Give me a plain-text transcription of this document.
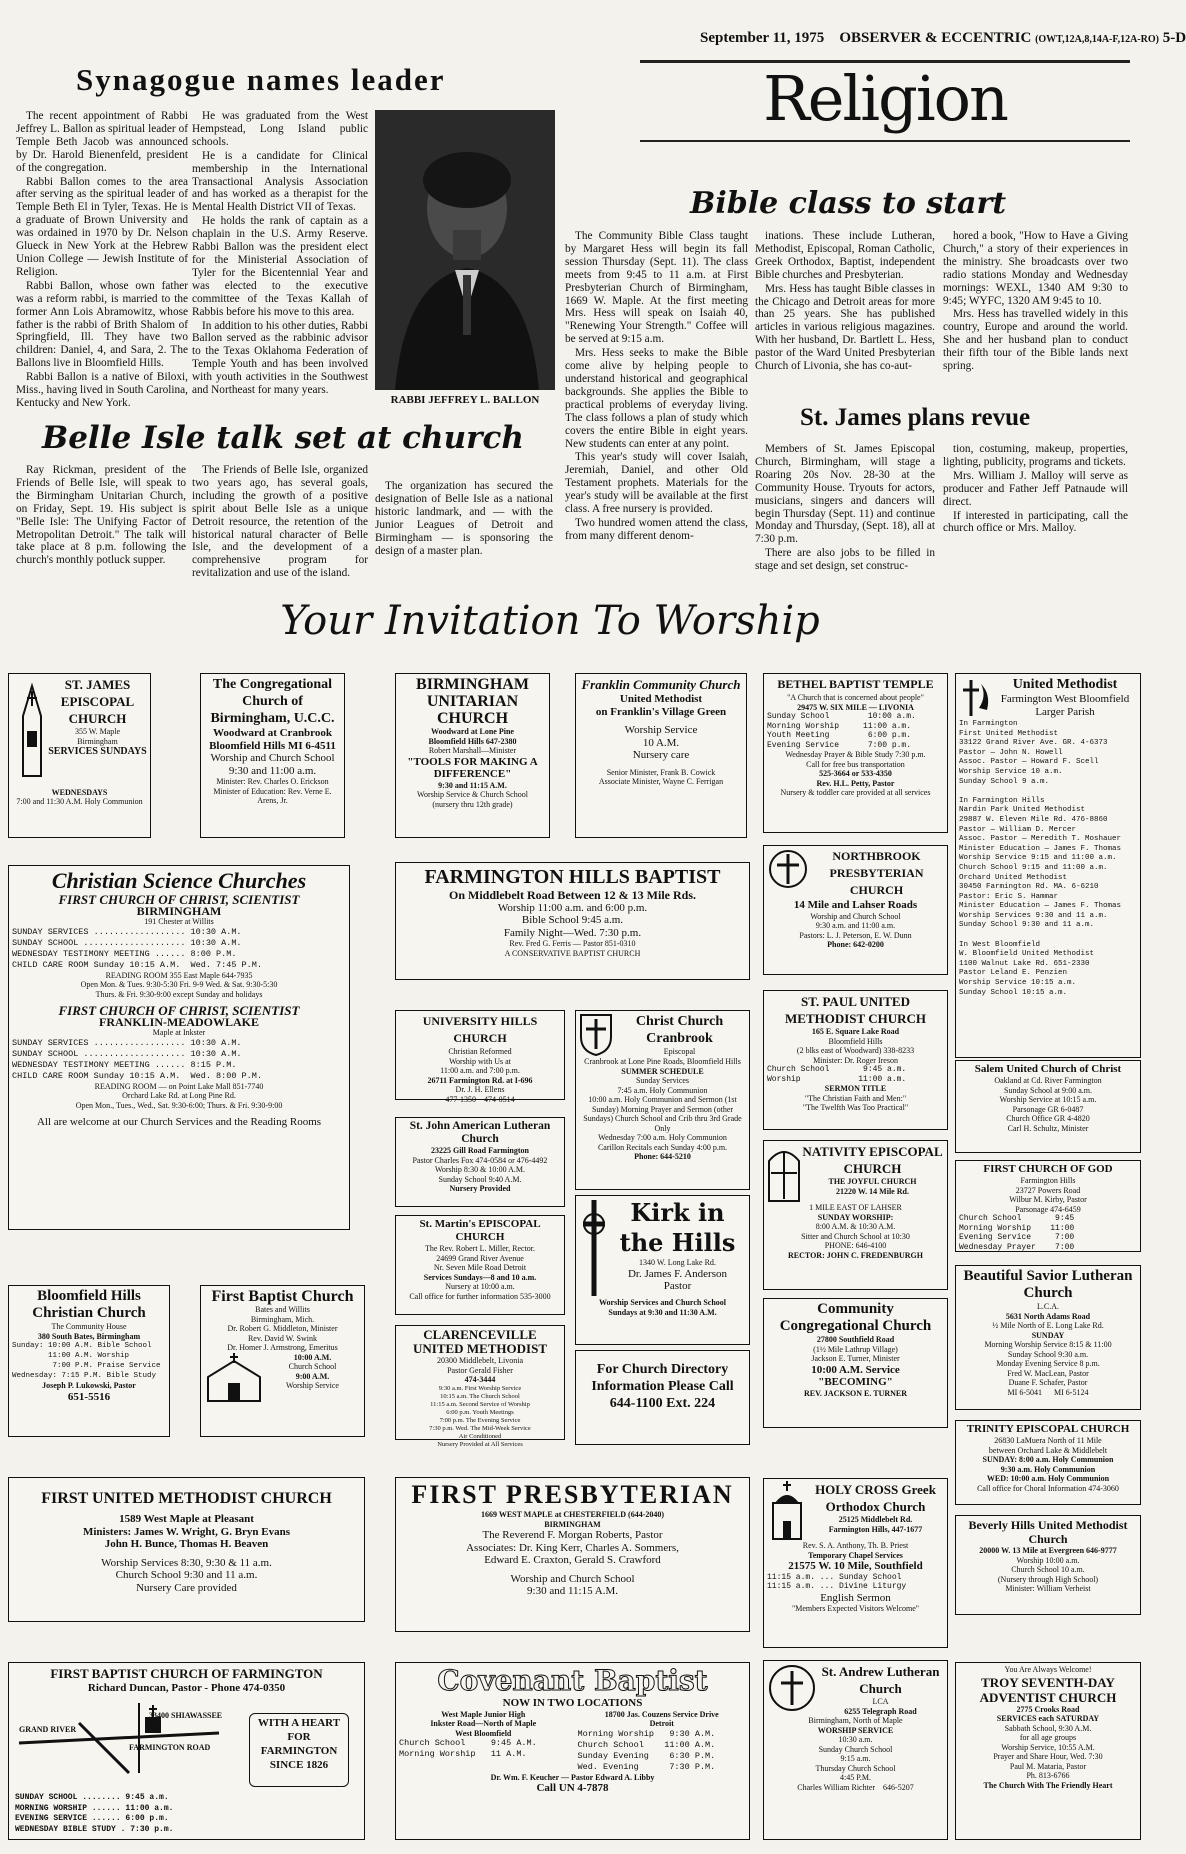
September 11, 1975 OBSERVER & ECCENTRIC (OWT,12A,8,14A-F,12A-RO) 5-D
Synagogue names leader

The recent appointment of Rabbi Jeffrey L. Ballon as spiritual leader of Temple Beth Jacob was announced by Dr. Harold Bienenfeld, president of the congregation.

Rabbi Ballon comes to the area after serving as the spiritual leader of Temple Beth El in Tyler, Texas. He is a graduate of Brown University and was ordained in 1970 by Dr. Nelson Glueck in New York at the Hebrew Union College — Jewish Institute of Religion.

Rabbi Ballon, whose own father was a reform rabbi, is married to the former Ann Lois Abramowitz, whose father is the rabbi of Brith Shalom of Springfield, Ill. They have two children: Daniel, 4, and Sara, 2. The Ballons live in Bloomfield Hills.

Rabbi Ballon is a native of Biloxi, Miss., having lived in South Carolina, Kentucky and New York.

He was graduated from the West Hempstead, Long Island public schools.

He is a candidate for Clinical membership in the International Transactional Analysis Association and has worked as a therapist for the Mental Health District VII of Texas.

He holds the rank of captain as a chaplain in the U.S. Army Reserve. Rabbi Ballon was the president elect for the Ministerial Association of Tyler for the Bicentennial Year and was elected to the executive committee of the Texas Kallah of Rabbis before his move to this area.

In addition to his other duties, Rabbi Ballon served as the rabbinic advisor to the Texas Oklahoma Federation of Temple Youth and has been involved with youth activities in the Southwest and Northeast for many years.

RABBI JEFFREY L. BALLON
Belle Isle talk set at church

Ray Rickman, president of the Friends of Belle Isle, will speak to the Birmingham Unitarian Church, on Friday, Sept. 19. His subject is "Belle Isle: The Unifying Factor of Metropolitan Detroit." The talk will take place at 8 p.m. following the church's monthly potluck supper.

The Friends of Belle Isle, organized two years ago, has several goals, including the growth of a positive spirit about Belle Isle as a unique Detroit resource, the retention of the historical natural character of Belle Isle, and the development of a comprehensive program for revitalization and use of the island.

The organization has secured the designation of Belle Isle as a national historic landmark, and — with the Junior Leagues of Detroit and Birmingham — is sponsoring the design of a master plan.

Religion
Bible class to start

The Community Bible Class taught by Margaret Hess will begin its fall session Thursday (Sept. 11). The class meets from 9:45 to 11 a.m. at First Presbyterian Church of Birmingham, 1669 W. Maple. At the first meeting Mrs. Hess will speak on Isaiah 40, "Renewing Your Strength." Coffee will be served at 9:15 a.m.

Mrs. Hess seeks to make the Bible come alive by helping people to understand historical and geographical backgrounds. She applies the Bible to practical problems of everyday living. The class follows a plan of study which covers the entire Bible in eight years. New students can enter at any point.

This year's study will cover Isaiah, Jeremiah, Daniel, and other Old Testament prophets. Materials for the year's study will be available at the first class. A free nursery is provided.

Two hundred women attend the class, from many different denom-

inations. These include Lutheran, Methodist, Episcopal, Roman Catholic, Greek Orthodox, Baptist, independent Bible churches and Presbyterian.

Mrs. Hess has taught Bible classes in the Chicago and Detroit areas for more than 25 years. She has published articles in various religious magazines. With her husband, Dr. Bartlett L. Hess, pastor of the Ward United Presbyterian Church of Livonia, she has co-aut-

hored a book, "How to Have a Giving Church," a story of their experiences in the ministry. She broadcasts over two radio stations Monday and Wednesday mornings: WEXL, 1340 AM 9:30 to 9:45; WYFC, 1320 AM 9:45 to 10.

Mrs. Hess has travelled widely in this country, Europe and around the world. She and her husband plan to conduct their fifth tour of the Bible lands next spring.

St. James plans revue

Members of St. James Episcopal Church, Birmingham, will stage a Roaring 20s Nov. 28-30 at the Community House. Tryouts for actors, musicians, singers and dancers will begin Thursday (Sept. 11) and continue Monday and Thursday, (Sept. 18), all at 7:30 p.m.

There are also jobs to be filled in stage and set design, set construc-

tion, costuming, makeup, properties, lighting, publicity, programs and tickets.

Mrs. William J. Malloy will serve as producer and Father Jeff Patnaude will direct.

If interested in participating, call the church office or Mrs. Malloy.

Your Invitation To Worship
ST. JAMES EPISCOPAL CHURCH
355 W. Maple
Birmingham
SERVICES SUNDAYS
WEDNESDAYS
7:00 and 11:30 A.M. Holy Communion
The Congregational Church of Birmingham, U.C.C.
Woodward at Cranbrook
Bloomfield Hills MI 6-4511
Worship and Church School 9:30 and 11:00 a.m.
Minister: Rev. Charles O. Erickson
Minister of Education: Rev. Verne E. Arens, Jr.
BIRMINGHAM UNITARIAN CHURCH
Woodward at Lone Pine
Bloomfield Hills 647-2380
Robert Marshall—Minister
"TOOLS FOR MAKING A DIFFERENCE"
9:30 and 11:15 A.M.
Worship Service & Church School
(nursery thru 12th grade)
Franklin Community Church
United Methodist
on Franklin's Village Green
Worship Service
10 A.M.
Nursery care
Senior Minister, Frank B. Cowick
Associate Minister, Wayne C. Ferrigan
BETHEL BAPTIST TEMPLE
"A Church that is concerned about people"
29475 W. SIX MILE — LIVONIA
Sunday School        10:00 a.m.
Morning Worship     11:00 a.m.
Youth Meeting        6:00 p.m.
Evening Service      7:00 p.m.
Wednesday Prayer & Bible Study 7:30 p.m.
Call for free bus transportation
525-3664 or 533-4350
Rev. H.L. Petty, Pastor
Nursery & toddler care provided at all services
United Methodist
Farmington West Bloomfield Larger Parish
In Farmington
First United Methodist
33122 Grand River Ave. GR. 4-6373
Pastor — John N. Howell
Assoc. Pastor — Howard F. Scell
Worship Service 10 a.m.
Sunday School 9 a.m.

In Farmington Hills
Nardin Park United Methodist
29887 W. Eleven Mile Rd. 476-8860
Pastor — William D. Mercer
Assoc. Pastor — Meredith T. Moshauer
Minister Education — James F. Thomas
Worship Service 9:15 and 11:00 a.m.
Church School 9:15 and 11:00 a.m.
Orchard United Methodist
30450 Farmington Rd. MA. 6-6210
Pastor: Eric S. Hammar
Minister Education — James F. Thomas
Worship Services 9:30 and 11 a.m.
Sunday School 9:30 and 11 a.m.

In West Bloomfield
W. Bloomfield United Methodist
1100 Walnut Lake Rd. 651-2330
Pastor Leland E. Penzien
Worship Service 10:15 a.m.
Sunday School 10:15 a.m.
Christian Science Churches
FIRST CHURCH OF CHRIST, SCIENTIST
BIRMINGHAM
191 Chester at Willits
SUNDAY SERVICES .................. 10:30 A.M.
SUNDAY SCHOOL .................... 10:30 A.M.
WEDNESDAY TESTIMONY MEETING ...... 8:00 P.M.
CHILD CARE ROOM Sunday 10:15 A.M.  Wed. 7:45 P.M.
READING ROOM 355 East Maple 644-7935
Open Mon. & Tues. 9:30-5:30 Fri. 9-9 Wed. & Sat. 9:30-5:30
Thurs. & Fri. 9:30-9:00 except Sunday and holidays
FIRST CHURCH OF CHRIST, SCIENTIST
FRANKLIN-MEADOWLAKE
Maple at Inkster
SUNDAY SERVICES .................. 10:30 A.M.
SUNDAY SCHOOL .................... 10:30 A.M.
WEDNESDAY TESTIMONY MEETING ...... 8:15 P.M.
CHILD CARE ROOM Sunday 10:15 A.M.  Wed. 8:00 P.M.
READING ROOM — on Point Lake Mall 851-7740
Orchard Lake Rd. at Long Pine Rd.
Open Mon., Tues., Wed., Sat. 9:30-6:00; Thurs. & Fri. 9:30-9:00
All are welcome at our Church Services and the Reading Rooms
FARMINGTON HILLS BAPTIST
On Middlebelt Road Between 12 & 13 Mile Rds.
Worship 11:00 a.m. and 6:00 p.m.
Bible School 9:45 a.m.
Family Night—Wed. 7:30 p.m.
Rev. Fred G. Ferris — Pastor 851-0310
A CONSERVATIVE BAPTIST CHURCH
NORTHBROOK PRESBYTERIAN CHURCH
14 Mile and Lahser Roads
Worship and Church School
9:30 a.m. and 11:00 a.m.
Pastors: L. J. Peterson, E. W. Dunn
Phone: 642-0200
UNIVERSITY HILLS CHURCH
Christian Reformed
Worship with Us at
11:00 a.m. and 7:00 p.m.
26711 Farmington Rd. at I-696
Dr. J. H. Ellens
477-1350 474-0514
Christ Church Cranbrook
Episcopal
Cranbrook at Lone Pine Roads, Bloomfield Hills
SUMMER SCHEDULE
Sunday Services
7:45 a.m. Holy Communion
10:00 a.m. Holy Communion and Sermon (1st Sunday) Morning Prayer and Sermon (other Sundays) Church School and Crib thru 3rd Grade Only
Wednesday 7:00 a.m. Holy Communion
Carillon Recitals each Sunday 4:00 p.m.
Phone: 644-5210
ST. PAUL UNITED METHODIST CHURCH
165 E. Square Lake Road
Bloomfield Hills
(2 blks east of Woodward) 338-8233
Minister: Dr. Roger Ireson
Church School       9:45 a.m.
Worship            11:00 a.m.
SERMON TITLE
"The Christian Faith and Men:"
"The Twelfth Was Too Practical"
Salem United Church of Christ
Oakland at Cd. River Farmington
Sunday School at 9:00 a.m.
Worship Service at 10:15 a.m.
Parsonage GR 6-0487
Church Office GR 4-4820
Carl H. Schultz, Minister
St. John American Lutheran Church
23225 Gill Road Farmington
Pastor Charles Fox 474-0584 or 476-4492
Worship 8:30 & 10:00 A.M.
Sunday School 9:40 A.M.
Nursery Provided
NATIVITY EPISCOPAL CHURCH
THE JOYFUL CHURCH
21220 W. 14 Mile Rd.
1 MILE EAST OF LAHSER
SUNDAY WORSHIP:
8:00 A.M. & 10:30 A.M.
Sitter and Church School at 10:30
PHONE: 646-4100
RECTOR: JOHN C. FREDENBURGH
FIRST CHURCH OF GOD
Farmington Hills
23727 Powers Road
Wilbur M. Kirby, Pastor
Parsonage 474-6459
Church School       9:45
Morning Worship    11:00
Evening Service     7:00
Wednesday Prayer    7:00
St. Martin's EPISCOPAL CHURCH
The Rev. Robert L. Miller, Rector.
24699 Grand River Avenue
Nr. Seven Mile Road Detroit
Services Sundays—8 and 10 a.m.
Nursery at 10:00 a.m.
Call office for further information 535-3000
Kirk in the Hills
1340 W. Long Lake Rd.
Dr. James F. Anderson
Pastor
Worship Services and Church School
Sundays at 9:30 and 11:30 A.M.
Bloomfield Hills Christian Church
The Community House
380 South Bates, Birmingham
Sunday: 10:00 A.M. Bible School
11:00 A.M. Worship
7:00 P.M. Praise Service
Wednesday: 7:15 P.M. Bible Study
Joseph P. Lukowski, Pastor
651-5516
First Baptist Church
Bates and Willits
Birmingham, Mich.
Dr. Robert G. Middleton, Minister
Rev. David W. Swink
Dr. Homer J. Armstrong, Emeritus
10:00 A.M.
Church School
9:00 A.M.
Worship Service
CLARENCEVILLE UNITED METHODIST
20300 Middlebelt, Livonia
Pastor Gerald Fisher
474-3444
9:30 a.m. First Worship Service
10:15 a.m. The Church School
11:15 a.m. Second Service of Worship
6:00 p.m. Youth Meetings
7:00 p.m. The Evening Service
7:30 p.m. Wed. The Mid-Week Service
Air Conditioned
Nursery Provided at All Services
For Church Directory Information Please Call
644-1100 Ext. 224
Community Congregational Church
27800 Southfield Road
(1½ Mile Lathrup Village)
Jackson E. Turner, Minister
10:00 A.M. Service
"BECOMING"
REV. JACKSON E. TURNER
Beautiful Savior Lutheran Church
L.C.A.
5631 North Adams Road
½ Mile North of E. Long Lake Rd.
SUNDAY
Morning Worship Service 8:15 & 11:00
Sunday School 9:30 a.m.
Monday Evening Service 8 p.m.
Fred W. MacLean, Pastor
Duane F. Schafer, Pastor
MI 6-5041 MI 6-5124
TRINITY EPISCOPAL CHURCH
26830 LaMuera North of 11 Mile
between Orchard Lake & Middlebelt
SUNDAY: 8:00 a.m. Holy Communion
9:30 a.m. Holy Communion
WED: 10:00 a.m. Holy Communion
Call office for Choral Information 474-3060
FIRST UNITED METHODIST CHURCH
1589 West Maple at Pleasant
Ministers: James W. Wright, G. Bryn Evans
John H. Bunce, Thomas H. Beaven
Worship Services 8:30, 9:30 & 11 a.m.
Church School 9:30 and 11 a.m.
Nursery Care provided
FIRST PRESBYTERIAN
1669 WEST MAPLE at CHESTERFIELD (644-2040)
BIRMINGHAM
The Reverend F. Morgan Roberts, Pastor
Associates: Dr. King Kerr, Charles A. Sommers,
Edward E. Craxton, Gerald S. Crawford
Worship and Church School
9:30 and 11:15 A.M.
HOLY CROSS Greek Orthodox Church
25125 Middlebelt Rd.
Farmington Hills, 447-1677
Rev. S. A. Anthony, Th. B. Priest
Temporary Chapel Services
21575 W. 10 Mile, Southfield
11:15 a.m. ... Sunday School
11:15 a.m. ... Divine Liturgy
English Sermon
"Members Expected Visitors Welcome"
Beverly Hills United Methodist Church
20000 W. 13 Mile at Evergreen 646-9777
Worship 10:00 a.m.
Church School 10 a.m.
(Nursery through High School)
Minister: William Verheist
FIRST BAPTIST CHURCH OF FARMINGTON
Richard Duncan, Pastor - Phone 474-0350
33400 SHIAWASSEE
FARMINGTON ROAD
GRAND RIVER
WITH A HEART FOR FARMINGTON SINCE 1826
SUNDAY SCHOOL ........ 9:45 a.m.
MORNING WORSHIP ...... 11:00 a.m.
EVENING SERVICE ...... 6:00 p.m.
WEDNESDAY BIBLE STUDY . 7:30 p.m.
Covenant Baptist
NOW IN TWO LOCATIONS
West Maple Junior High
Inkster Road—North of Maple
West Bloomfield
Church School     9:45 A.M.
Morning Worship   11 A.M.
18700 Jas. Couzens Service Drive
Detroit
Morning Worship   9:30 A.M.
Church School    11:00 A.M.
Sunday Evening    6:30 P.M.
Wed. Evening      7:30 P.M.
Dr. Wm. F. Keucher — Pastor Edward A. Libby
Call UN 4-7878
St. Andrew Lutheran Church
LCA
6255 Telegraph Road
Birmingham, North of Maple
WORSHIP SERVICE
10:30 a.m.
Sunday Church School
9:15 a.m.
Thursday Church School
4:45 P.M.
Charles William Richter 646-5207
You Are Always Welcome!
TROY SEVENTH-DAY ADVENTIST CHURCH
2775 Crooks Road
SERVICES each SATURDAY
Sabbath School, 9:30 A.M.
for all age groups
Worship Service, 10:55 A.M.
Prayer and Share Hour, Wed. 7:30
Paul M. Mataria, Pastor
Ph. 813-6766
The Church With The Friendly Heart
